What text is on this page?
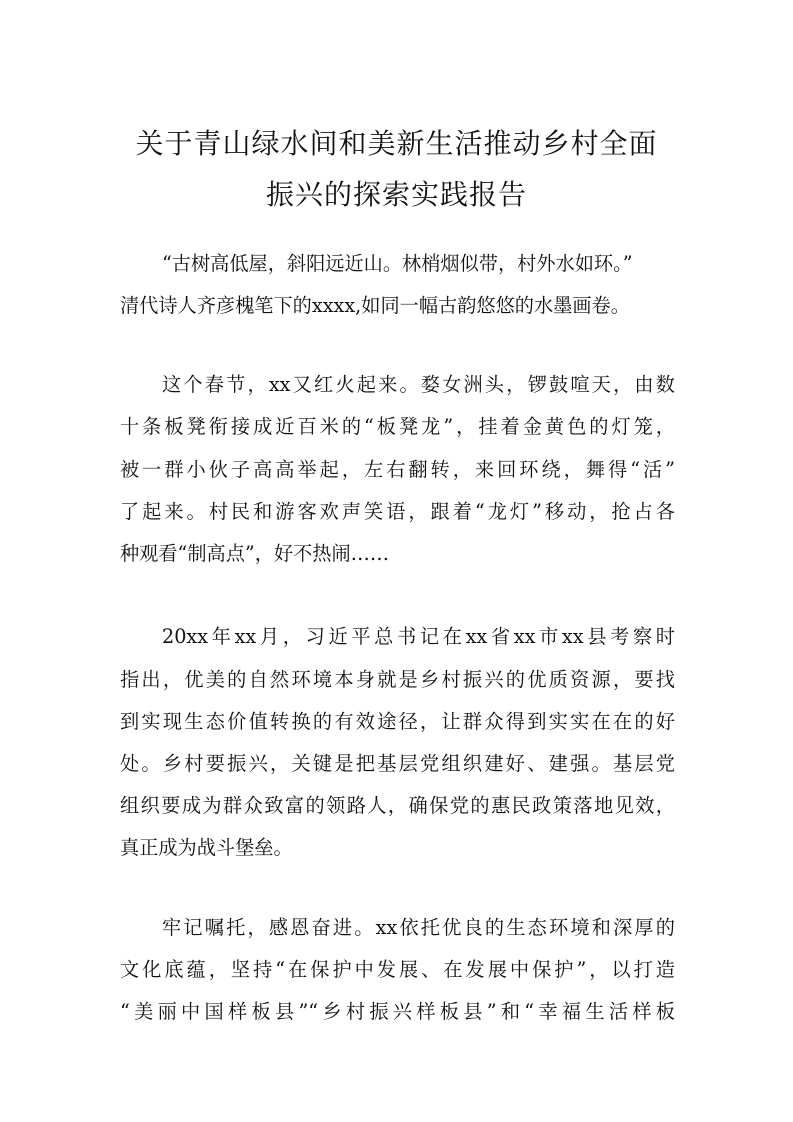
关于青山绿水间和美新生活推动乡村全面
振兴的探索实践报告
“古树高低屋，斜阳远近山。林梢烟似带，村外水如环。”
清代诗人齐彦槐笔下的xxxx,如同一幅古韵悠悠的水墨画卷。
这个春节，xx又红火起来。婺女洲头，锣鼓喧天，由数
十条板凳衔接成近百米的“板凳龙”，挂着金黄色的灯笼，
被一群小伙子高高举起，左右翻转，来回环绕，舞得“活”
了起来。村民和游客欢声笑语，跟着“龙灯”移动，抢占各
种观看“制高点”，好不热闹……
20xx年xx月，习近平总书记在xx省xx市xx县考察时
指出，优美的自然环境本身就是乡村振兴的优质资源，要找
到实现生态价值转换的有效途径，让群众得到实实在在的好
处。乡村要振兴，关键是把基层党组织建好、建强。基层党
组织要成为群众致富的领路人，确保党的惠民政策落地见效，
真正成为战斗堡垒。
牢记嘱托，感恩奋进。xx依托优良的生态环境和深厚的
文化底蕴，坚持“在保护中发展、在发展中保护”，以打造
“美丽中国样板县”“乡村振兴样板县”和“幸福生活样板
